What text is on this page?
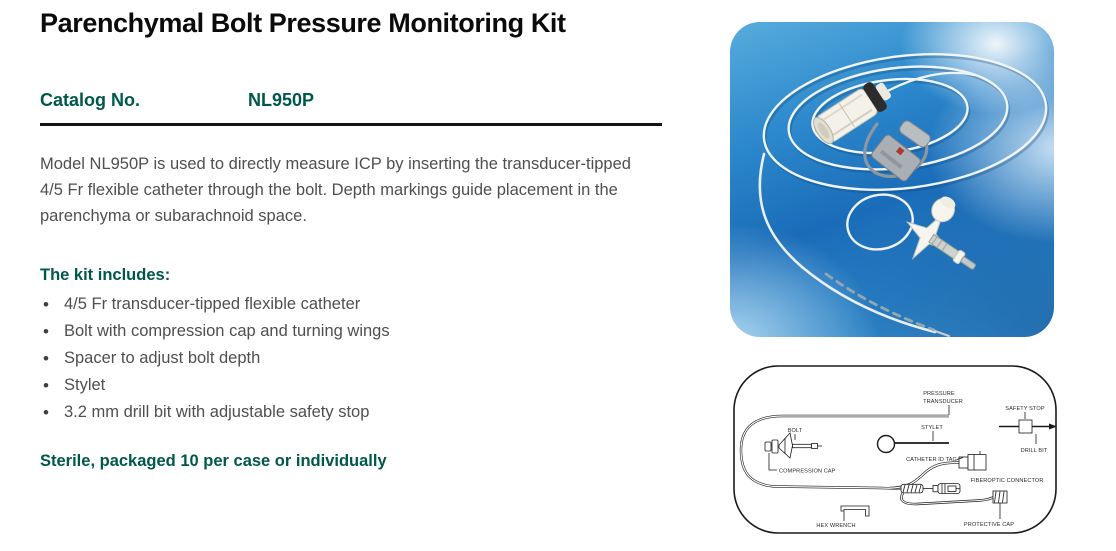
Parenchymal Bolt Pressure Monitoring Kit
Catalog No.	NL950P

Model NL950P is used to directly measure ICP by inserting the transducer-tipped 4/5 Fr flexible catheter through the bolt. Depth markings guide placement in the parenchyma or subarachnoid space.

The kit includes:
• 4/5 Fr transducer-tipped flexible catheter
• Bolt with compression cap and turning wings
• Spacer to adjust bolt depth
• Stylet
• 3.2 mm drill bit with adjustable safety stop
Sterile, packaged 10 per case or individually
PRESSURE
TRANSDUCER
SAFETY STOP
DRILL BIT
BOLT	STYLET
COMPRESSION CAP
CATHETER ID TAG
FIBEROPTIC CONNECTOR
HEX WRENCH	PROTECTIVE CAP
